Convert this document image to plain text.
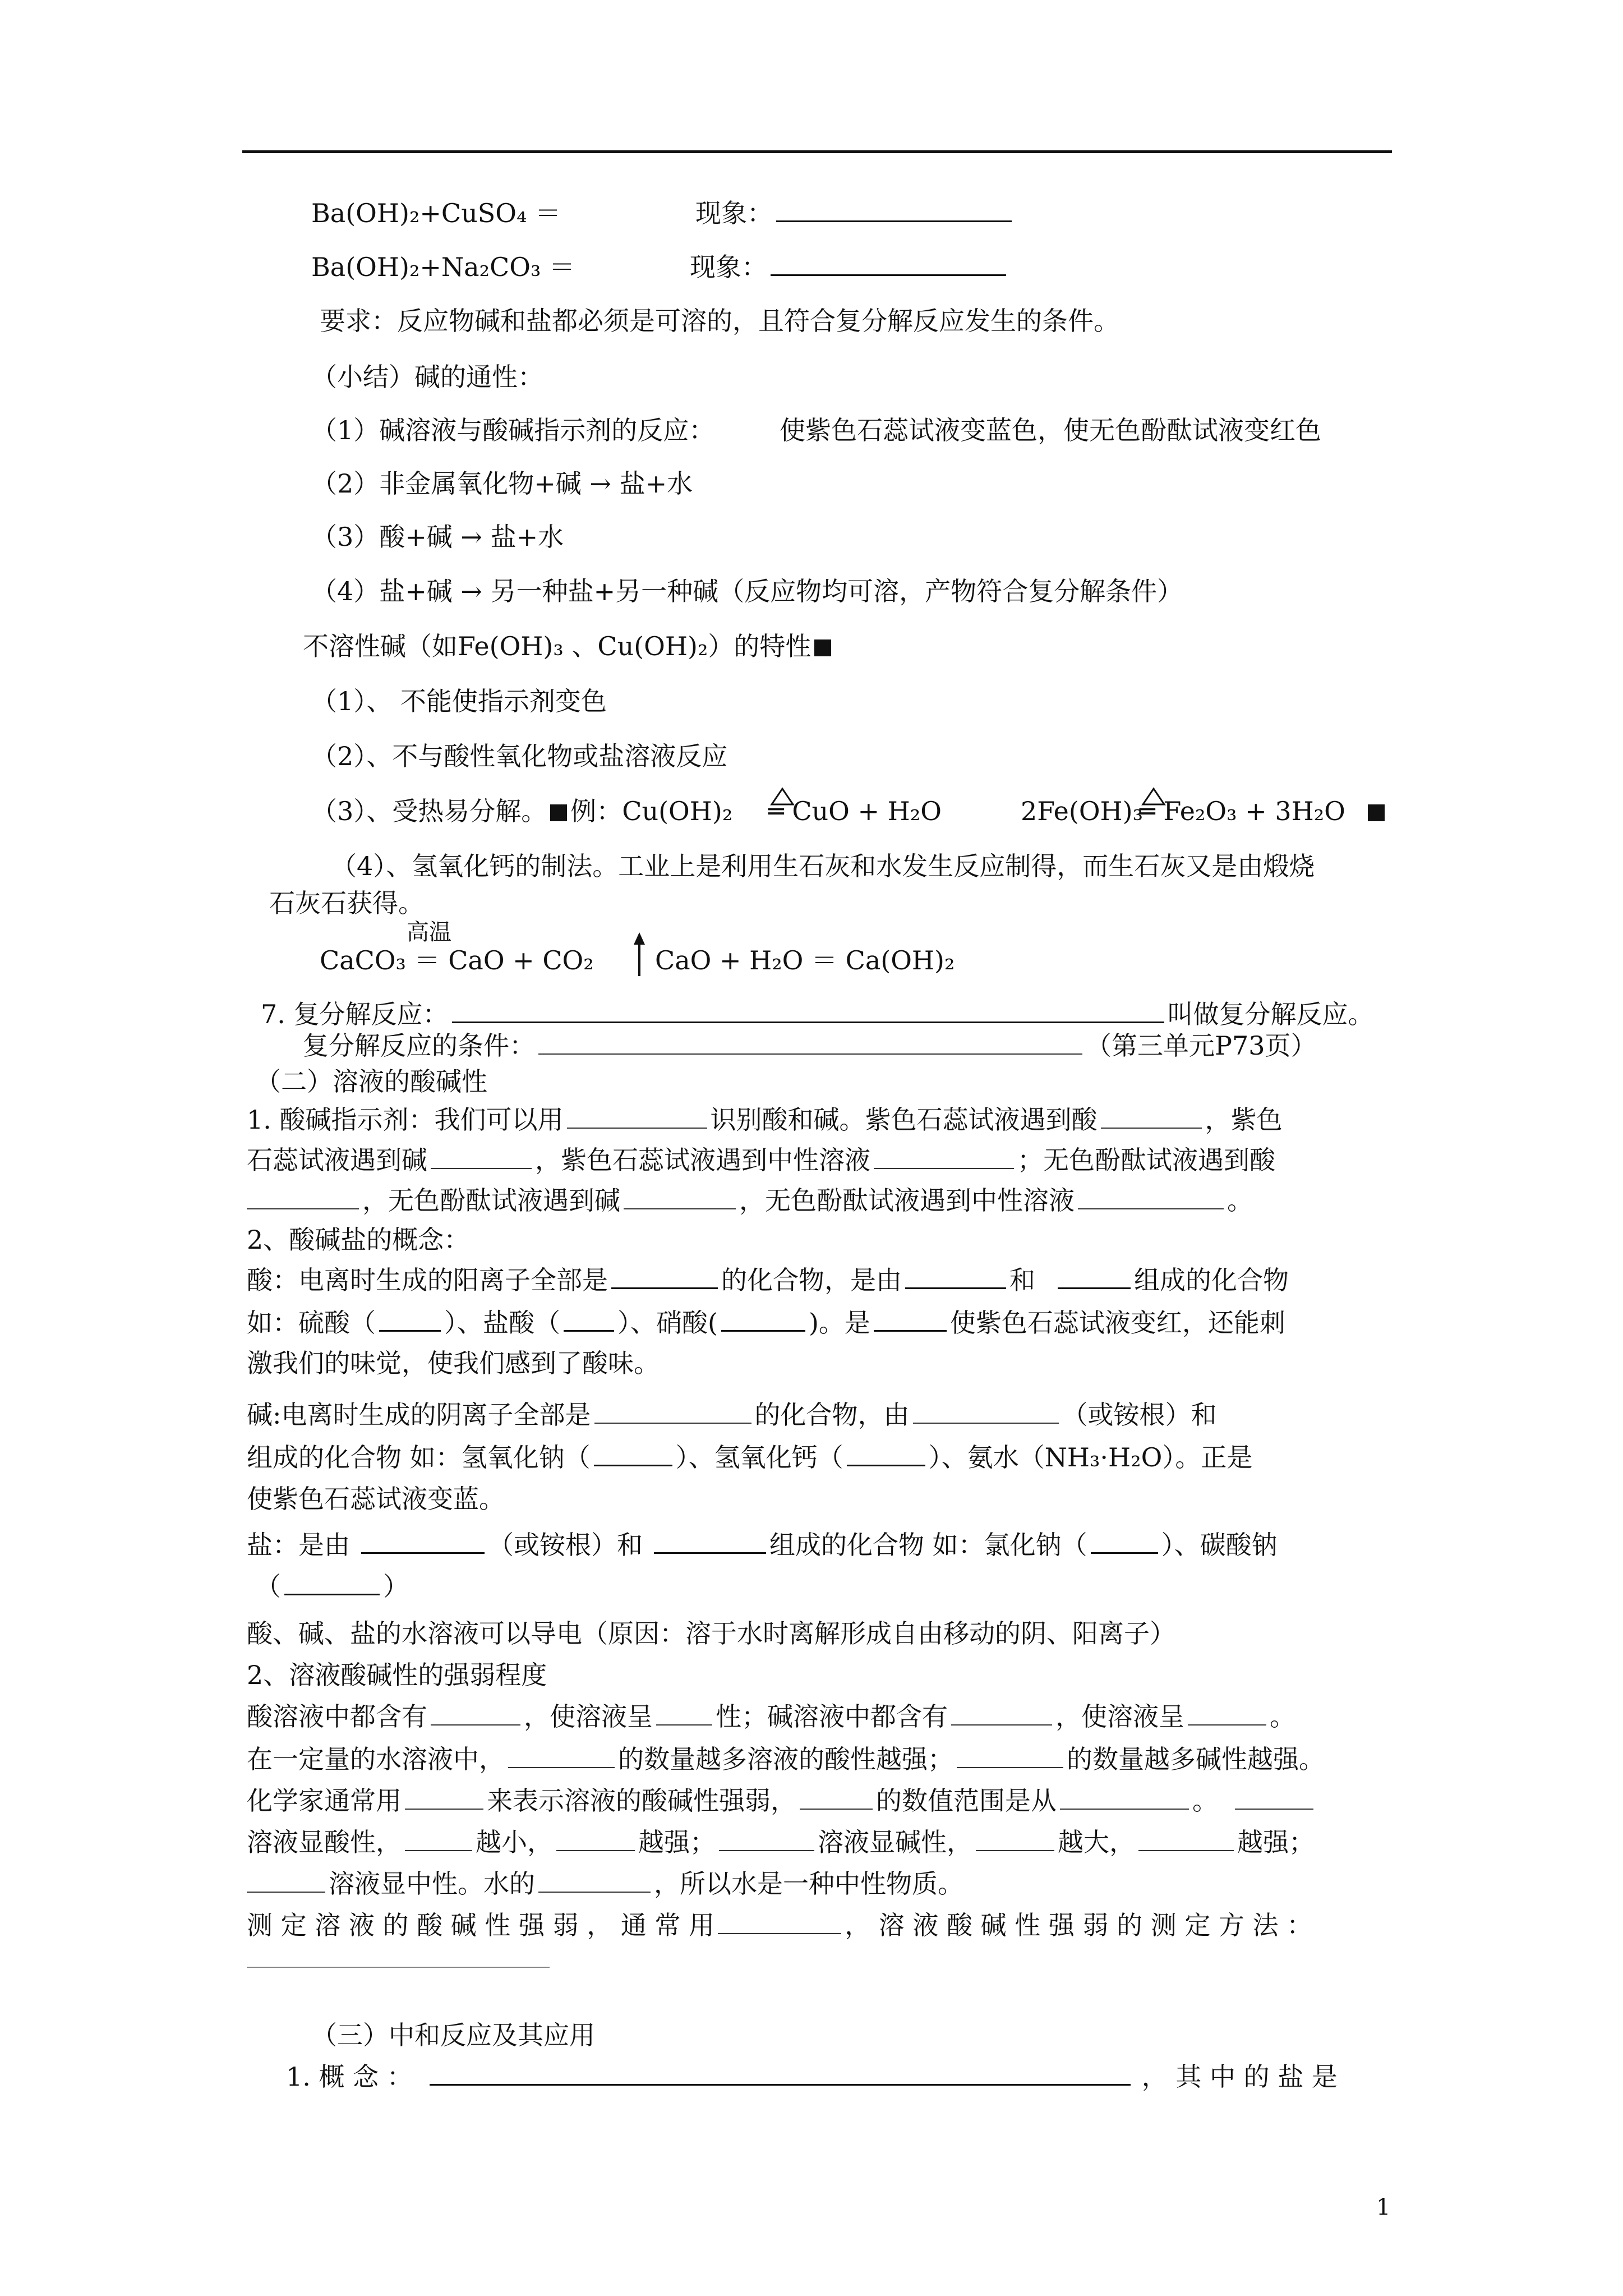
Ba(OH)₂+CuSO₄ ＝	现象：
Ba(OH)₂+Na₂CO₃ ＝	现象：
要求：反应物碱和盐都必须是可溶的，且符合复分解反应发生的条件。
（小结）碱的通性：
（1）碱溶液与酸碱指示剂的反应：	使紫色石蕊试液变蓝色，使无色酚酞试液变红色
（2）非金属氧化物+碱 → 盐+水
（3）酸+碱 → 盐+水
（4）盐+碱 → 另一种盐+另一种碱（反应物均可溶，产物符合复分解条件）
不溶性碱（如Fe(OH)₃ 、Cu(OH)₂）的特性
（1）、 不能使指示剂变色
（2）、不与酸性氧化物或盐溶液反应
（3）、受热易分解。 例：Cu(OH)₂ ═ CuO + H₂O	2Fe(OH)₃
═ Fe₂O₃ + 3H₂O
（4）、氢氧化钙的制法。工业上是利用生石灰和水发生反应制得，而生石灰又是由煅烧
石灰石获得。
高温
CaCO₃ ＝ CaO + CO₂ CaO + H₂O ＝ Ca(OH)₂
7. 复分解反应：	叫做复分解反应。
复分解反应的条件：	（第三单元P73页）
（二）溶液的酸碱性
1. 酸碱指示剂：我们可以用	识别酸和碱。紫色石蕊试液遇到酸	，紫色
石蕊试液遇到碱	，紫色石蕊试液遇到中性溶液	；无色酚酞试液遇到酸
，无色酚酞试液遇到碱	，无色酚酞试液遇到中性溶液	。
2、酸碱盐的概念：
酸：电离时生成的阳离子全部是	的化合物，是由	和	组成的化合物
如：硫酸（	）、盐酸（ ）、硝酸(	)。是	使紫色石蕊试液变红，还能刺
激我们的味觉，使我们感到了酸味。
碱:电离时生成的阴离子全部是	的化合物，由	（或铵根）和
组成的化合物 如：氢氧化钠（	）、氢氧化钙（	）、氨水（NH₃·H₂O）。正是
使紫色石蕊试液变蓝。
盐：是由	（或铵根）和	组成的化合物 如：氯化钠（	）、碳酸钠
（	）
酸、碱、盐的水溶液可以导电（原因：溶于水时离解形成自由移动的阴、阳离子）
2、溶液酸碱性的强弱程度
酸溶液中都含有	，使溶液呈 性；碱溶液中都含有	，使溶液呈	。
在一定量的水溶液中，	的数量越多溶液的酸性越强；	的数量越多碱性越强。
化学家通常用	来表示溶液的酸碱性强弱，	的数值范围是从	。
溶液显酸性，	越小，	越强；	溶液显碱性，	越大，	越强；
溶液显中性。水的	，所以水是一种中性物质。
测 定 溶 液 的 酸 碱 性 强 弱 ， 通 常 用	， 溶 液 酸 碱 性 强 弱 的 测 定 方 法 ：
（三）中和反应及其应用
1. 概 念 ：	， 其 中 的 盐 是
1
